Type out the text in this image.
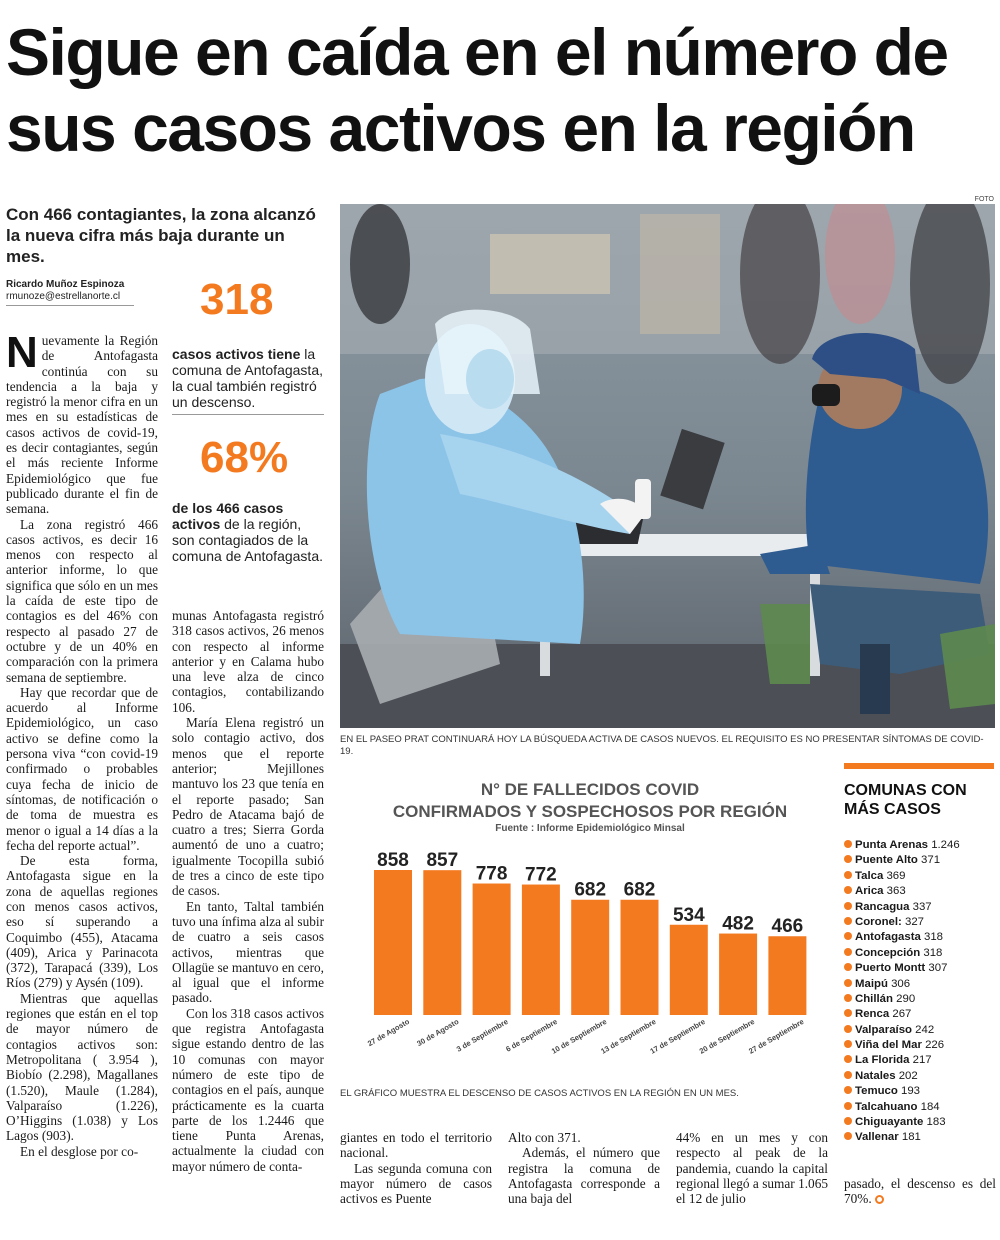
Sigue en caída en el número de sus casos activos en la región
FOTO
Con 466 contagiantes, la zona alcanzó la nueva cifra más baja durante un mes.
Ricardo Muñoz Espinoza
rmunoze@estrellanorte.cl	318
casos activos tiene la comuna de Antofagasta, la cual también registró un descenso.
68%
de los 466 casos activos de la región, son contagiados de la comuna de Antofagasta.
N uevamente la Región de Antofagasta continúa con su tendencia a la baja y registró la menor cifra en un mes en su estadísticas de casos activos de covid-19, es decir contagiantes, según el más reciente Informe Epidemiológico que fue publicado durante el fin de semana.

La zona registró 466 casos activos, es decir 16 menos con respecto al anterior informe, lo que significa que sólo en un mes la caída de este tipo de contagios es del 46% con respecto al pasado 27 de octubre y de un 40% en comparación con la primera semana de septiembre.

Hay que recordar que de acuerdo al Informe Epidemiológico, un caso activo se define como la persona viva “con covid-19 confirmado o probables cuya fecha de inicio de síntomas, de notificación o de toma de muestra es menor o igual a 14 días a la fecha del reporte actual”.

De esta forma, Antofagasta sigue en la zona de aquellas regiones con menos casos activos, eso sí superando a Coquimbo (455), Atacama (409), Arica y Parinacota (372), Tarapacá (339), Los Ríos (279) y Aysén (109).

Mientras que aquellas regiones que están en el top de mayor número de contagios activos son: Metropolitana ( 3.954 ), Biobío (2.298), Magallanes (1.520), Maule (1.284), Valparaíso (1.226), O’Higgins (1.038) y Los Lagos (903).

En el desglose por co-

munas Antofagasta registró 318 casos activos, 26 menos con respecto al informe anterior y en Calama hubo una leve alza de cinco contagios, contabilizando 106.

María Elena registró un solo contagio activo, dos menos que el reporte anterior; Mejillones mantuvo los 23 que tenía en el reporte pasado; San Pedro de Atacama bajó de cuatro a tres; Sierra Gorda aumentó de uno a cuatro; igualmente Tocopilla subió de tres a cinco de este tipo de casos.

En tanto, Taltal también tuvo una ínfima alza al subir de cuatro a seis casos activos, mientras que Ollagüe se mantuvo en cero, al igual que el informe pasado.

Con los 318 casos activos que registra Antofagasta sigue estando dentro de las 10 comunas con mayor número de este tipo de contagios en el país, aunque prácticamente es la cuarta parte de los 1.2446 que tiene Punta Arenas, actualmente la ciudad con mayor número de conta-

EN EL PASEO PRAT CONTINUARÁ HOY LA BÚSQUEDA ACTIVA DE CASOS NUEVOS. EL REQUISITO ES NO PRESENTAR SÍNTOMAS DE COVID-19.
N° DE FALLECIDOS COVID
CONFIRMADOS Y SOSPECHOSOS POR REGIÓN
Fuente : Informe Epidemiológico Minsal
858
27 de Agosto
857
30 de Agosto
778
3 de Septiembre
772
6 de Septiembre
682
10 de Septiembre
682
13 de Septiembre
534
17 de Septiembre
482
20 de Septiembre
466
27 de Septiembre
EL GRÁFICO MUESTRA EL DESCENSO DE CASOS ACTIVOS EN LA REGIÓN EN UN MES.

giantes en todo el territorio nacional.

Las segunda comuna con mayor número de casos activos es Puente

Alto con 371.

Además, el número que registra la comuna de Antofagasta corresponde a una baja del

44% en un mes y con respecto al peak de la pandemia, cuando la capital regional llegó a sumar 1.065 el 12 de julio

pasado, el descenso es del 70%.

COMUNAS CON MÁS CASOS
Punta Arenas 1.246
Puente Alto 371
Talca 369
Arica 363
Rancagua 337
Coronel: 327
Antofagasta 318
Concepción 318
Puerto Montt 307
Maipú 306
Chillán 290
Renca 267
Valparaíso 242
Viña del Mar 226
La Florida 217
Natales 202
Temuco 193
Talcahuano 184
Chiguayante 183
Vallenar 181
